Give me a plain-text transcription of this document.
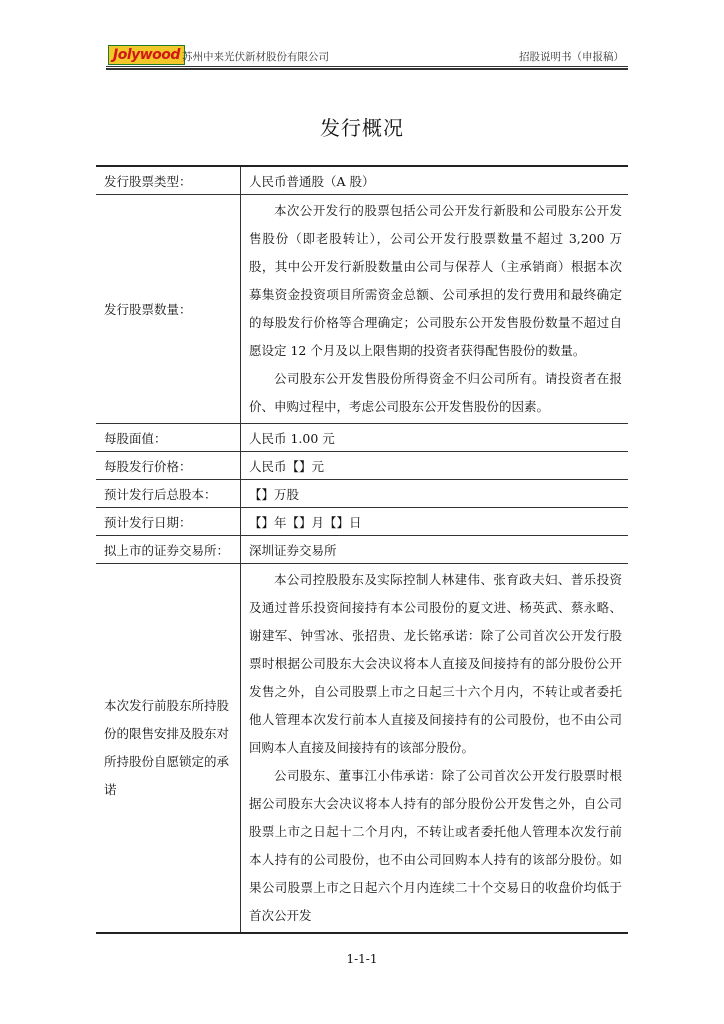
Jolywood 苏州中来光伏新材股份有限公司	招股说明书（申报稿）
发行概况
发行股票类型：	人民币普通股（A 股）
发行股票数量：	本次公开发行的股票包括公司公开发行新股和公司股东公开发售股份（即老股转让），公司公开发行股票数量不超过 3,200 万股，其中公开发行新股数量由公司与保荐人（主承销商）根据本次募集资金投资项目所需资金总额、公司承担的发行费用和最终确定的每股发行价格等合理确定；公司股东公开发售股份数量不超过自愿设定 12 个月及以上限售期的投资者获得配售股份的数量。

公司股东公开发售股份所得资金不归公司所有。请投资者在报价、申购过程中，考虑公司股东公开发售股份的因素。

每股面值：	人民币 1.00 元
每股发行价格：	人民币【】元
预计发行后总股本：	【】万股
预计发行日期：	【】年【】月【】日
拟上市的证券交易所：	深圳证券交易所
本次发行前股东所持股份的限售安排及股东对所持股份自愿锁定的承诺	本公司控股股东及实际控制人林建伟、张育政夫妇、普乐投资及通过普乐投资间接持有本公司股份的夏文进、杨英武、蔡永略、谢建军、钟雪冰、张招贵、龙长铭承诺：除了公司首次公开发行股票时根据公司股东大会决议将本人直接及间接持有的部分股份公开发售之外，自公司股票上市之日起三十六个月内，不转让或者委托他人管理本次发行前本人直接及间接持有的公司股份，也不由公司回购本人直接及间接持有的该部分股份。

公司股东、董事江小伟承诺：除了公司首次公开发行股票时根据公司股东大会决议将本人持有的部分股份公开发售之外，自公司股票上市之日起十二个月内，不转让或者委托他人管理本次发行前本人持有的公司股份，也不由公司回购本人持有的该部分股份。如果公司股票上市之日起六个月内连续二十个交易日的收盘价均低于首次公开发

1-1-1
